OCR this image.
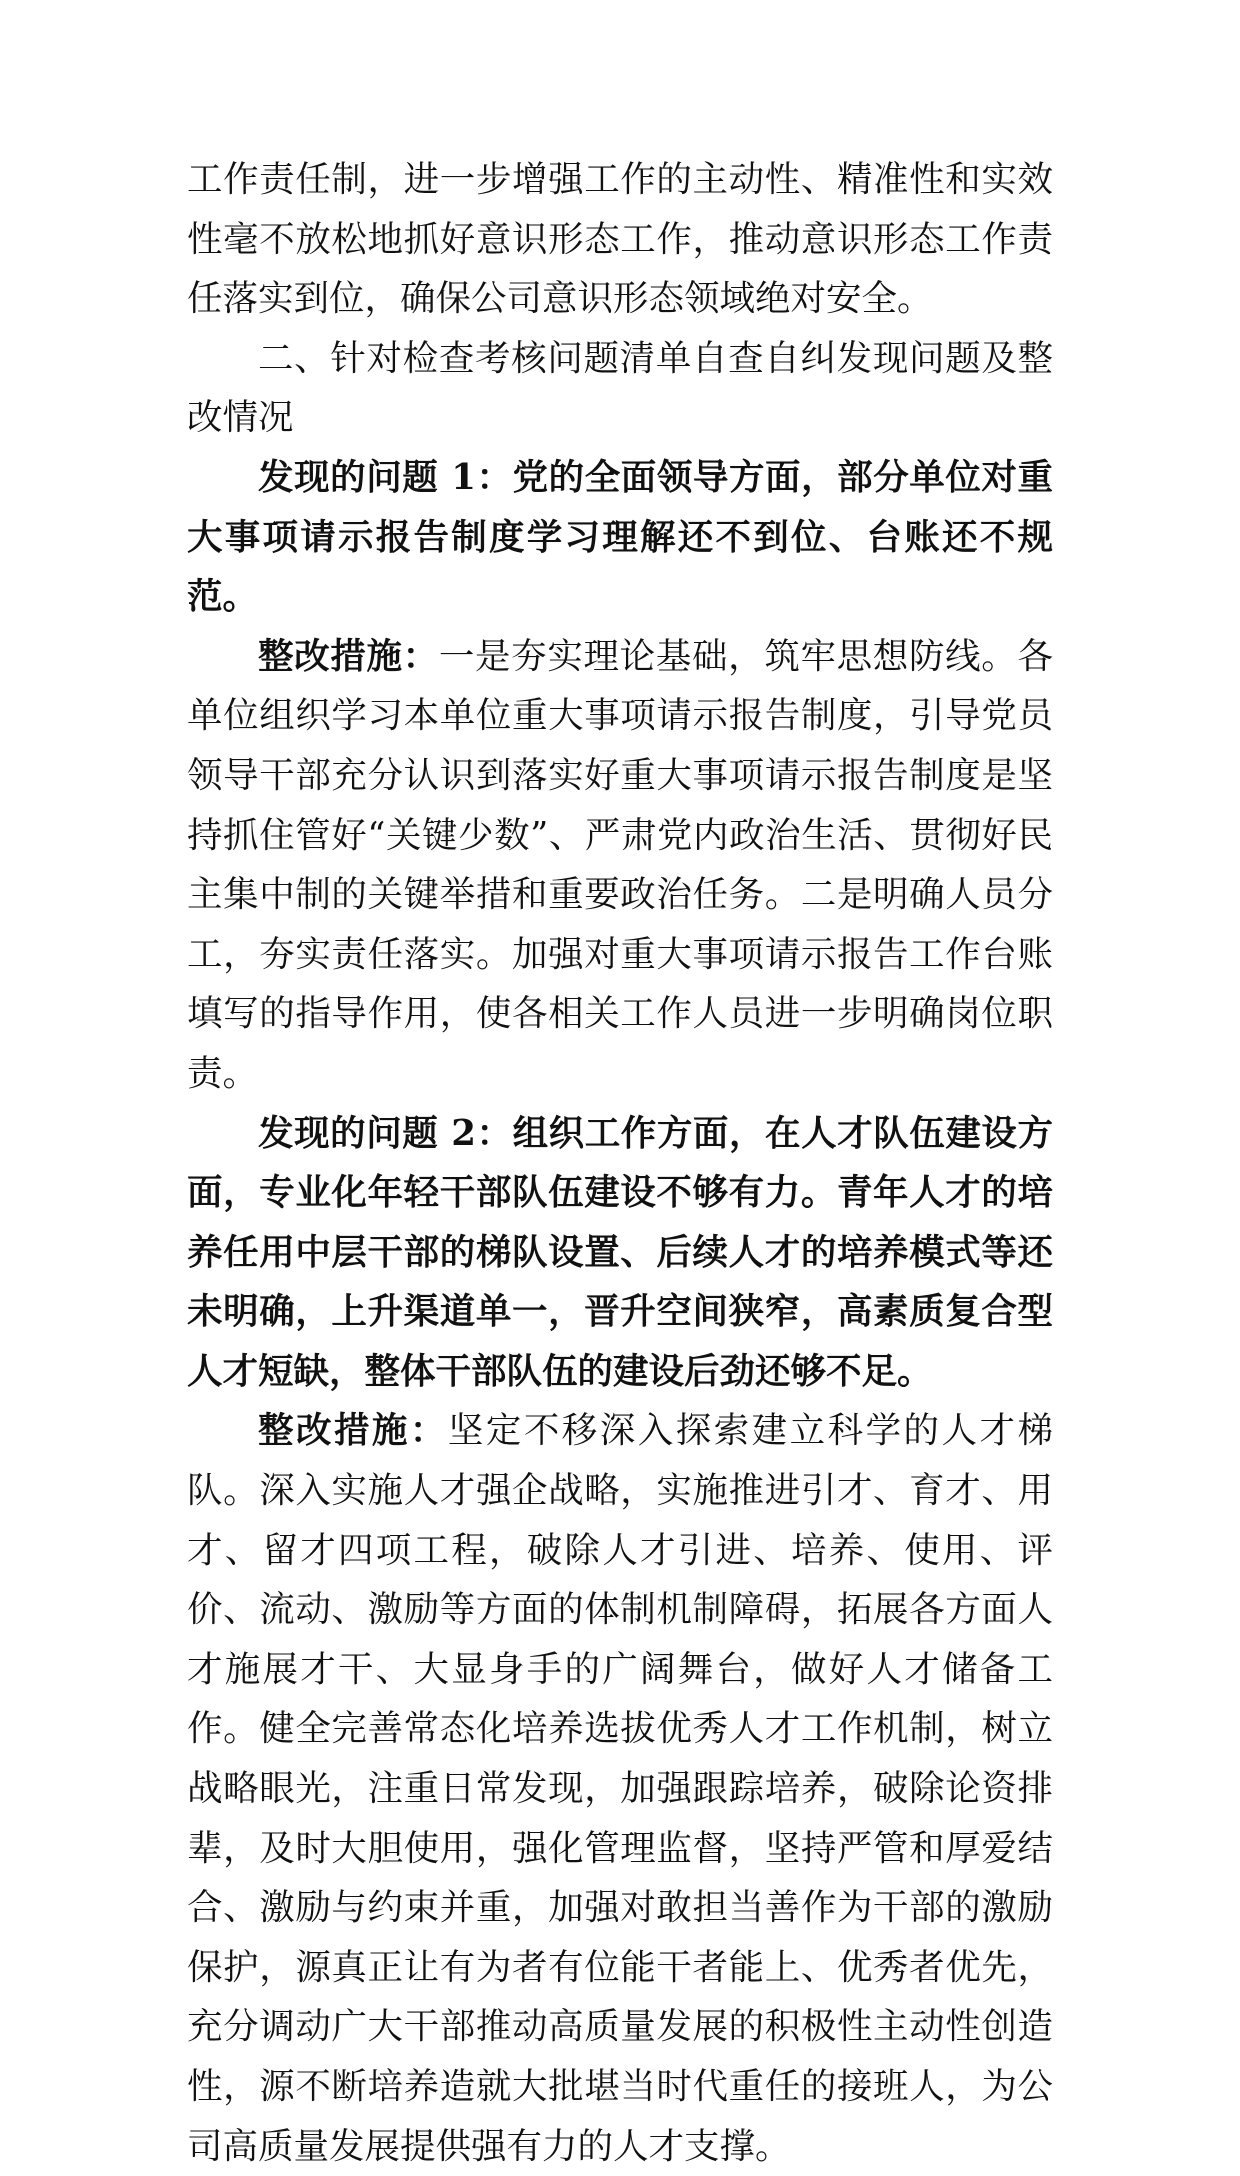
工作责任制，进一步增强工作的主动性、精准性和实效性毫不放松地抓好意识形态工作，推动意识形态工作责任落实到位，确保公司意识形态领域绝对安全。

二、针对检查考核问题清单自查自纠发现问题及整改情况

发现的问题 1：党的全面领导方面，部分单位对重大事项请示报告制度学习理解还不到位、台账还不规范。

整改措施：一是夯实理论基础，筑牢思想防线。各单位组织学习本单位重大事项请示报告制度，引导党员领导干部充分认识到落实好重大事项请示报告制度是坚持抓住管好“关键少数”、严肃党内政治生活、贯彻好民主集中制的关键举措和重要政治任务。二是明确人员分工，夯实责任落实。加强对重大事项请示报告工作台账填写的指导作用，使各相关工作人员进一步明确岗位职责。

发现的问题 2：组织工作方面，在人才队伍建设方面，专业化年轻干部队伍建设不够有力。青年人才的培养任用中层干部的梯队设置、后续人才的培养模式等还未明确，上升渠道单一，晋升空间狭窄，高素质复合型人才短缺，整体干部队伍的建设后劲还够不足。

整改措施：坚定不移深入探索建立科学的人才梯队。深入实施人才强企战略，实施推进引才、育才、用才、留才四项工程，破除人才引进、培养、使用、评价、流动、激励等方面的体制机制障碍，拓展各方面人才施展才干、大显身手的广阔舞台，做好人才储备工作。健全完善常态化培养选拔优秀人才工作机制，树立战略眼光，注重日常发现，加强跟踪培养，破除论资排辈，及时大胆使用，强化管理监督，坚持严管和厚爱结合、激励与约束并重，加强对敢担当善作为干部的激励保护，源真正让有为者有位能干者能上、优秀者优先，充分调动广大干部推动高质量发展的积极性主动性创造性，源不断培养造就大批堪当时代重任的接班人，为公司高质量发展提供强有力的人才支撑。
